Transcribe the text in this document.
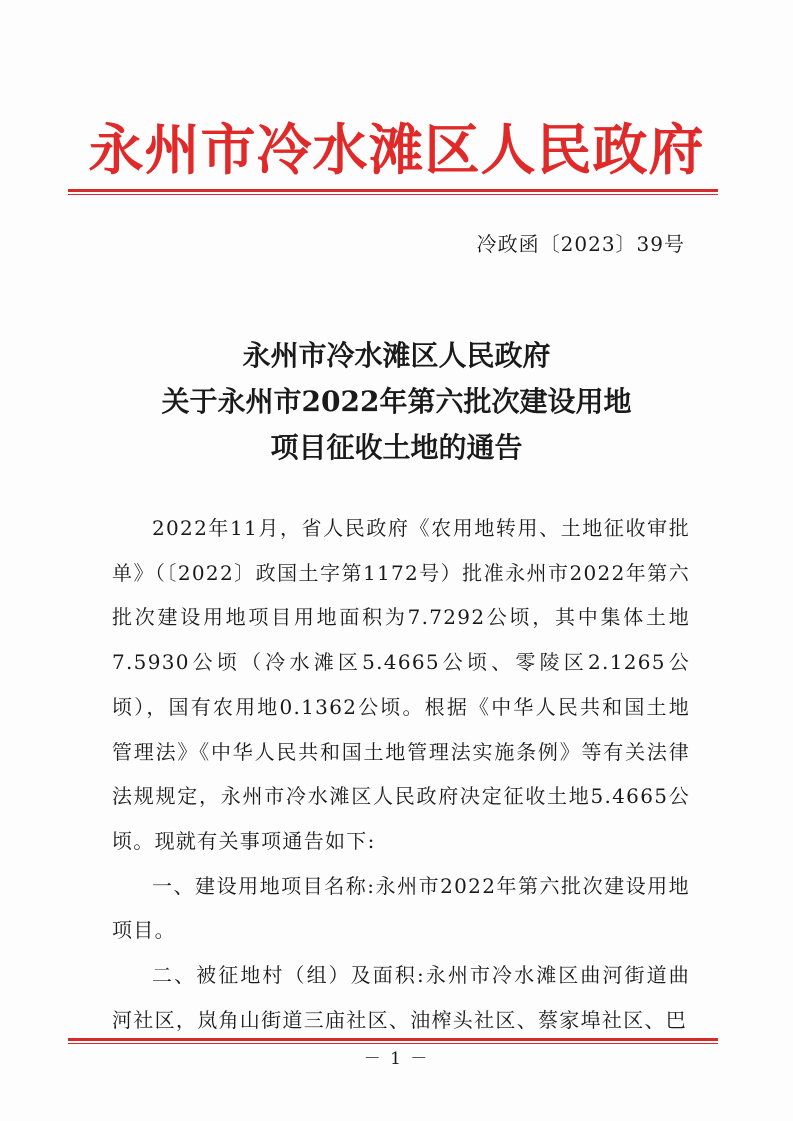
永州市冷水滩区人民政府
冷政函〔2023〕39号
永州市冷水滩区人民政府
关于永州市2022年第六批次建设用地
项目征收土地的通告

2022年11月，省人民政府《农用地转用、土地征收审批单》（〔2022〕政国土字第1172号）批准永州市2022年第六批次建设用地项目用地面积为7.7292公顷，其中集体土地7.5930公顷（冷水滩区5.4665公顷、零陵区2.1265公顷），国有农用地0.1362公顷。根据《中华人民共和国土地管理法》《中华人民共和国土地管理法实施条例》等有关法律法规规定，永州市冷水滩区人民政府决定征收土地5.4665公顷。现就有关事项通告如下:

一、建设用地项目名称:永州市2022年第六批次建设用地项目。

二、被征地村（组）及面积:永州市冷水滩区曲河街道曲河社区，岚角山街道三庙社区、油榨头社区、蔡家埠社区、巴

－ 1 －
